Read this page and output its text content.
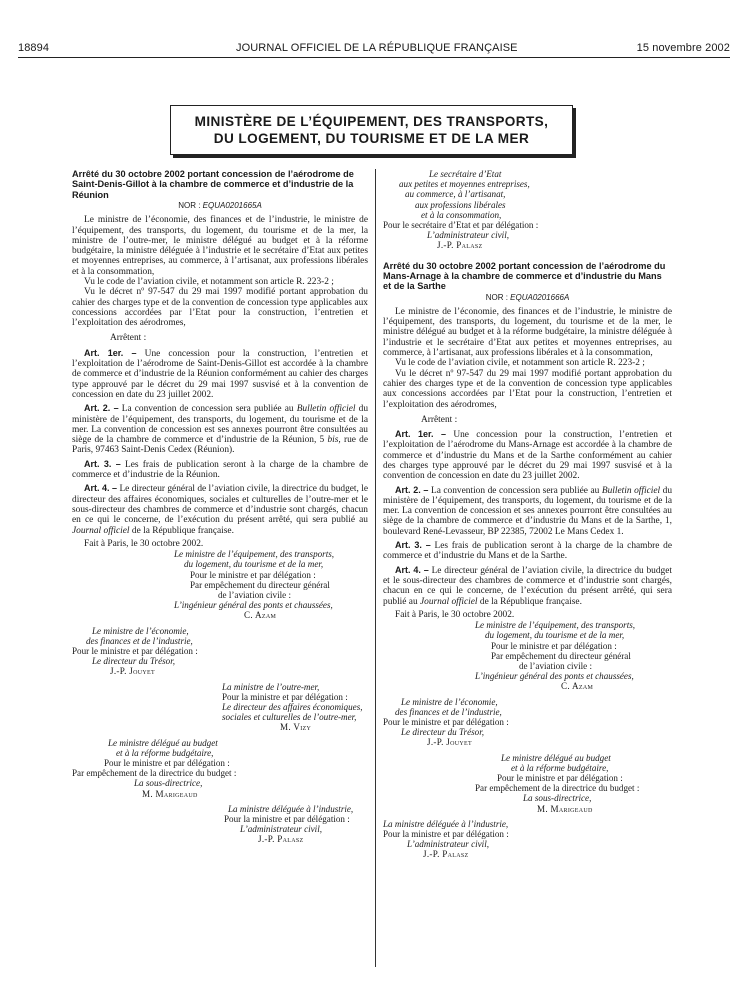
18894	JOURNAL OFFICIEL DE LA RÉPUBLIQUE FRANÇAISE	15 novembre 2002
MINISTÈRE DE L’ÉQUIPEMENT, DES TRANSPORTS,
DU LOGEMENT, DU TOURISME ET DE LA MER

Arrêté du 30 octobre 2002 portant concession de l’aérodrome de Saint-Denis-Gillot à la chambre de commerce et d’industrie de la Réunion

NOR : EQUA0201665A

Le ministre de l’économie, des finances et de l’industrie, le ministre de l’équipement, des transports, du logement, du tourisme et de la mer, la ministre de l’outre-mer, le ministre délégué au budget et à la réforme budgétaire, la ministre déléguée à l’industrie et le secrétaire d’Etat aux petites et moyennes entreprises, au commerce, à l’artisanat, aux professions libérales et à la consommation,

Vu le code de l’aviation civile, et notamment son article R. 223-2 ;

Vu le décret nº 97-547 du 29 mai 1997 modifié portant approbation du cahier des charges type et de la convention de concession type applicables aux concessions accordées par l’Etat pour la construction, l’entretien et l’exploitation des aérodromes,

Arrêtent :

Art. 1er. – Une concession pour la construction, l’entretien et l’exploitation de l’aérodrome de Saint-Denis-Gillot est accordée à la chambre de commerce et d’industrie de la Réunion conformément au cahier des charges type approuvé par le décret du 29 mai 1997 susvisé et à la convention de concession en date du 23 juillet 2002.

Art. 2. – La convention de concession sera publiée au Bulletin officiel du ministère de l’équipement, des transports, du logement, du tourisme et de la mer. La convention de concession est ses annexes pourront être consultées au siège de la chambre de commerce et d’industrie de la Réunion, 5 bis, rue de Paris, 97463 Saint-Denis Cedex (Réunion).

Art. 3. – Les frais de publication seront à la charge de la chambre de commerce et d’industrie de la Réunion.

Art. 4. – Le directeur général de l’aviation civile, la directrice du budget, le directeur des affaires économiques, sociales et culturelles de l’outre-mer et le sous-directeur des chambres de commerce et d’industrie sont chargés, chacun en ce qui le concerne, de l’exécution du présent arrêté, qui sera publié au Journal officiel de la République française.

Fait à Paris, le 30 octobre 2002.

Le ministre de l’équipement, des transports,
du logement, du tourisme et de la mer,
Pour le ministre et par délégation :
Par empêchement du directeur général
de l’aviation civile :
L’ingénieur général des ponts et chaussées,
C. Azam
Le ministre de l’économie,
des finances et de l’industrie,
Pour le ministre et par délégation :
Le directeur du Trésor,
J.-P. Jouyet
La ministre de l’outre-mer,
Pour la ministre et par délégation :
Le directeur des affaires économiques,
sociales et culturelles de l’outre-mer,
M. Vizy
Le ministre délégué au budget
et à la réforme budgétaire,
Pour le ministre et par délégation :
Par empêchement de la directrice du budget :
La sous-directrice,
M. Marigeaud
La ministre déléguée à l’industrie,
Pour la ministre et par délégation :
L’administrateur civil,
J.-P. Palasz
Le secrétaire d’Etat
aux petites et moyennes entreprises,
au commerce, à l’artisanat,
aux professions libérales
et à la consommation,
Pour le secrétaire d’Etat et par délégation :
L’administrateur civil,
J.-P. Palasz

Arrêté du 30 octobre 2002 portant concession de l’aérodrome du Mans-Arnage à la chambre de commerce et d’industrie du Mans et de la Sarthe

NOR : EQUA0201666A

Le ministre de l’économie, des finances et de l’industrie, le ministre de l’équipement, des transports, du logement, du tourisme et de la mer, le ministre délégué au budget et à la réforme budgétaire, la ministre déléguée à l’industrie et le secrétaire d’Etat aux petites et moyennes entreprises, au commerce, à l’artisanat, aux professions libérales et à la consommation,

Vu le code de l’aviation civile, et notamment son article R. 223-2 ;

Vu le décret nº 97-547 du 29 mai 1997 modifié portant approbation du cahier des charges type et de la convention de concession type applicables aux concessions accordées par l’Etat pour la construction, l’entretien et l’exploitation des aérodromes,

Arrêtent :

Art. 1er. – Une concession pour la construction, l’entretien et l’exploitation de l’aérodrome du Mans-Arnage est accordée à la chambre de commerce et d’industrie du Mans et de la Sarthe conformément au cahier des charges type approuvé par le décret du 29 mai 1997 susvisé et à la convention de concession en date du 23 juillet 2002.

Art. 2. – La convention de concession sera publiée au Bulletin officiel du ministère de l’équipement, des transports, du logement, du tourisme et de la mer. La convention de concession et ses annexes pourront être consultées au siège de la chambre de commerce et d’industrie du Mans et de la Sarthe, 1, boulevard René-Levasseur, BP 22385, 72002 Le Mans Cedex 1.

Art. 3. – Les frais de publication seront à la charge de la chambre de commerce et d’industrie du Mans et de la Sarthe.

Art. 4. – Le directeur général de l’aviation civile, la directrice du budget et le sous-directeur des chambres de commerce et d’industrie sont chargés, chacun en ce qui le concerne, de l’exécution du présent arrêté, qui sera publié au Journal officiel de la République française.

Fait à Paris, le 30 octobre 2002.

Le ministre de l’équipement, des transports,
du logement, du tourisme et de la mer,
Pour le ministre et par délégation :
Par empêchement du directeur général
de l’aviation civile :
L’ingénieur général des ponts et chaussées,
C. Azam
Le ministre de l’économie,
des finances et de l’industrie,
Pour le ministre et par délégation :
Le directeur du Trésor,
J.-P. Jouyet
Le ministre délégué au budget
et à la réforme budgétaire,
Pour le ministre et par délégation :
Par empêchement de la directrice du budget :
La sous-directrice,
M. Marigeaud
La ministre déléguée à l’industrie,
Pour la ministre et par délégation :
L’administrateur civil,
J.-P. Palasz
